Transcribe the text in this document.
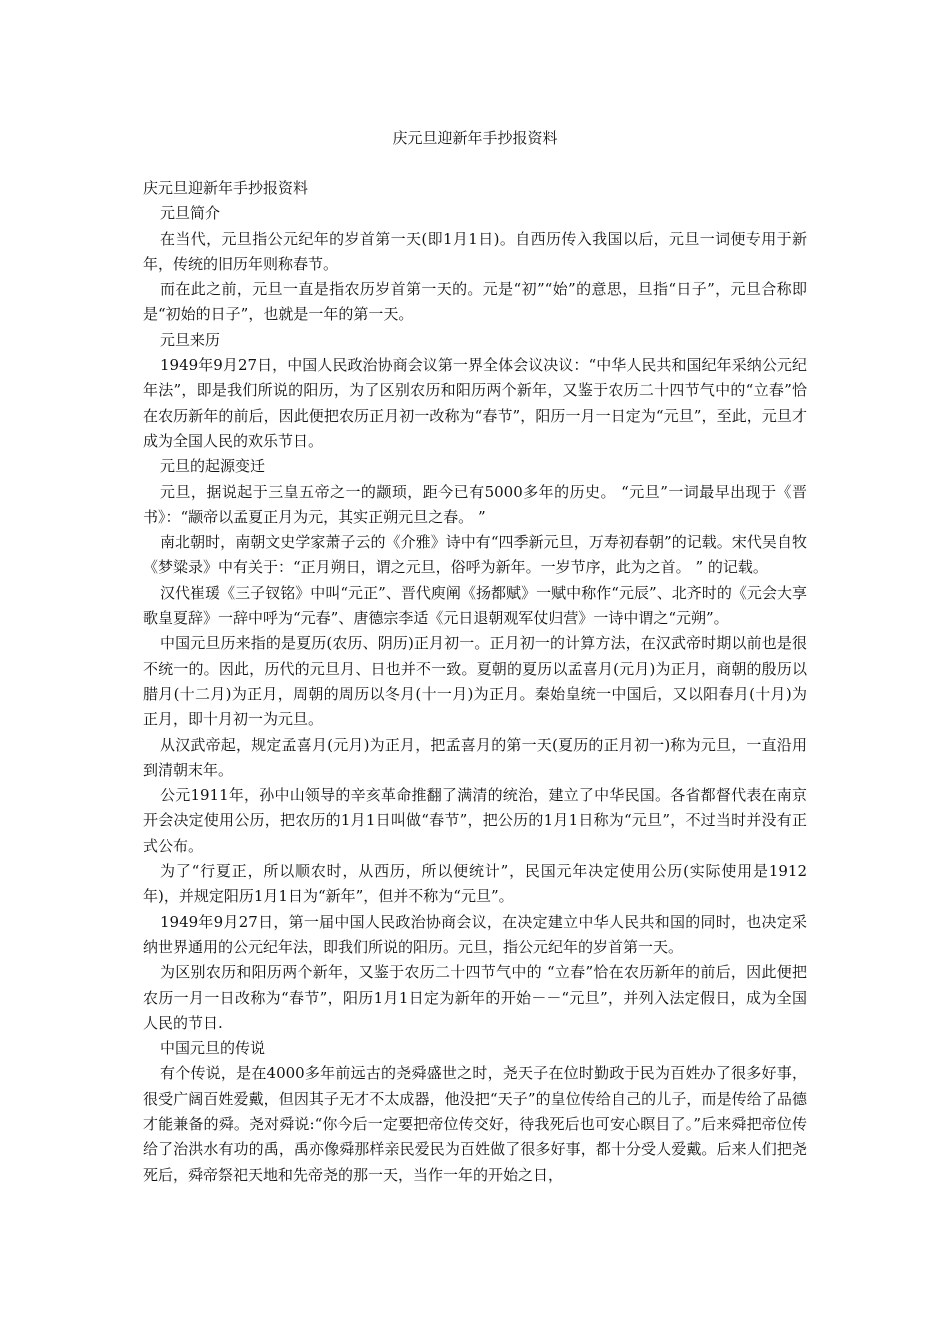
庆元旦迎新年手抄报资料

庆元旦迎新年手抄报资料

元旦简介

在当代，元旦指公元纪年的岁首第一天(即1月1日)。自西历传入我国以后，元旦一词便专用于新年，传统的旧历年则称春节。

而在此之前，元旦一直是指农历岁首第一天的。元是“初”“始”的意思，旦指“日子”，元旦合称即是“初始的日子”，也就是一年的第一天。

元旦来历

1949年9月27日，中国人民政治协商会议第一界全体会议决议：“中华人民共和国纪年采纳公元纪年法”，即是我们所说的阳历，为了区别农历和阳历两个新年，又鉴于农历二十四节气中的“立春”恰在农历新年的前后，因此便把农历正月初一改称为“春节”，阳历一月一日定为“元旦”，至此，元旦才成为全国人民的欢乐节日。

元旦的起源变迁

元旦，据说起于三皇五帝之一的颛顼，距今已有5000多年的历史。 “元旦”一词最早出现于《晋书》：“颛帝以孟夏正月为元，其实正朔元旦之春。 ”

南北朝时，南朝文史学家萧子云的《介雅》诗中有“四季新元旦，万寿初春朝”的记载。宋代吴自牧《梦粱录》中有关于：“正月朔日，谓之元旦，俗呼为新年。一岁节序，此为之首。 ” 的记载。

汉代崔瑗《三子钗铭》中叫“元正”、晋代庾阐《扬都赋》一赋中称作“元辰”、北齐时的《元会大享歌皇夏辞》一辞中呼为“元春”、唐德宗李适《元日退朝观军仗归营》一诗中谓之“元朔”。

中国元旦历来指的是夏历(农历、阴历)正月初一。正月初一的计算方法，在汉武帝时期以前也是很不统一的。因此，历代的元旦月、日也并不一致。夏朝的夏历以孟喜月(元月)为正月，商朝的殷历以腊月(十二月)为正月，周朝的周历以冬月(十一月)为正月。秦始皇统一中国后，又以阳春月(十月)为正月，即十月初一为元旦。

从汉武帝起，规定孟喜月(元月)为正月，把孟喜月的第一天(夏历的正月初一)称为元旦，一直沿用到清朝末年。

公元1911年，孙中山领导的辛亥革命推翻了满清的统治，建立了中华民国。各省都督代表在南京开会决定使用公历，把农历的1月1日叫做“春节”，把公历的1月1日称为“元旦”，不过当时并没有正式公布。

为了“行夏正，所以顺农时，从西历，所以便统计”，民国元年决定使用公历(实际使用是1912年)，并规定阳历1月1日为“新年”，但并不称为“元旦”。

1949年9月27日，第一届中国人民政治协商会议，在决定建立中华人民共和国的同时，也决定采纳世界通用的公元纪年法，即我们所说的阳历。元旦，指公元纪年的岁首第一天。

为区别农历和阳历两个新年，又鉴于农历二十四节气中的 “立春”恰在农历新年的前后，因此便把农历一月一日改称为“春节”，阳历1月1日定为新年的开始－－“元旦”，并列入法定假日，成为全国人民的节日.

中国元旦的传说

有个传说，是在4000多年前远古的尧舜盛世之时，尧天子在位时勤政于民为百姓办了很多好事，很受广阔百姓爱戴，但因其子无才不太成器，他没把“天子”的皇位传给自己的儿子，而是传给了品德才能兼备的舜。尧对舜说:“你今后一定要把帝位传交好，待我死后也可安心瞑目了。”后来舜把帝位传给了治洪水有功的禹，禹亦像舜那样亲民爱民为百姓做了很多好事，都十分受人爱戴。后来人们把尧死后，舜帝祭祀天地和先帝尧的那一天，当作一年的开始之日，
